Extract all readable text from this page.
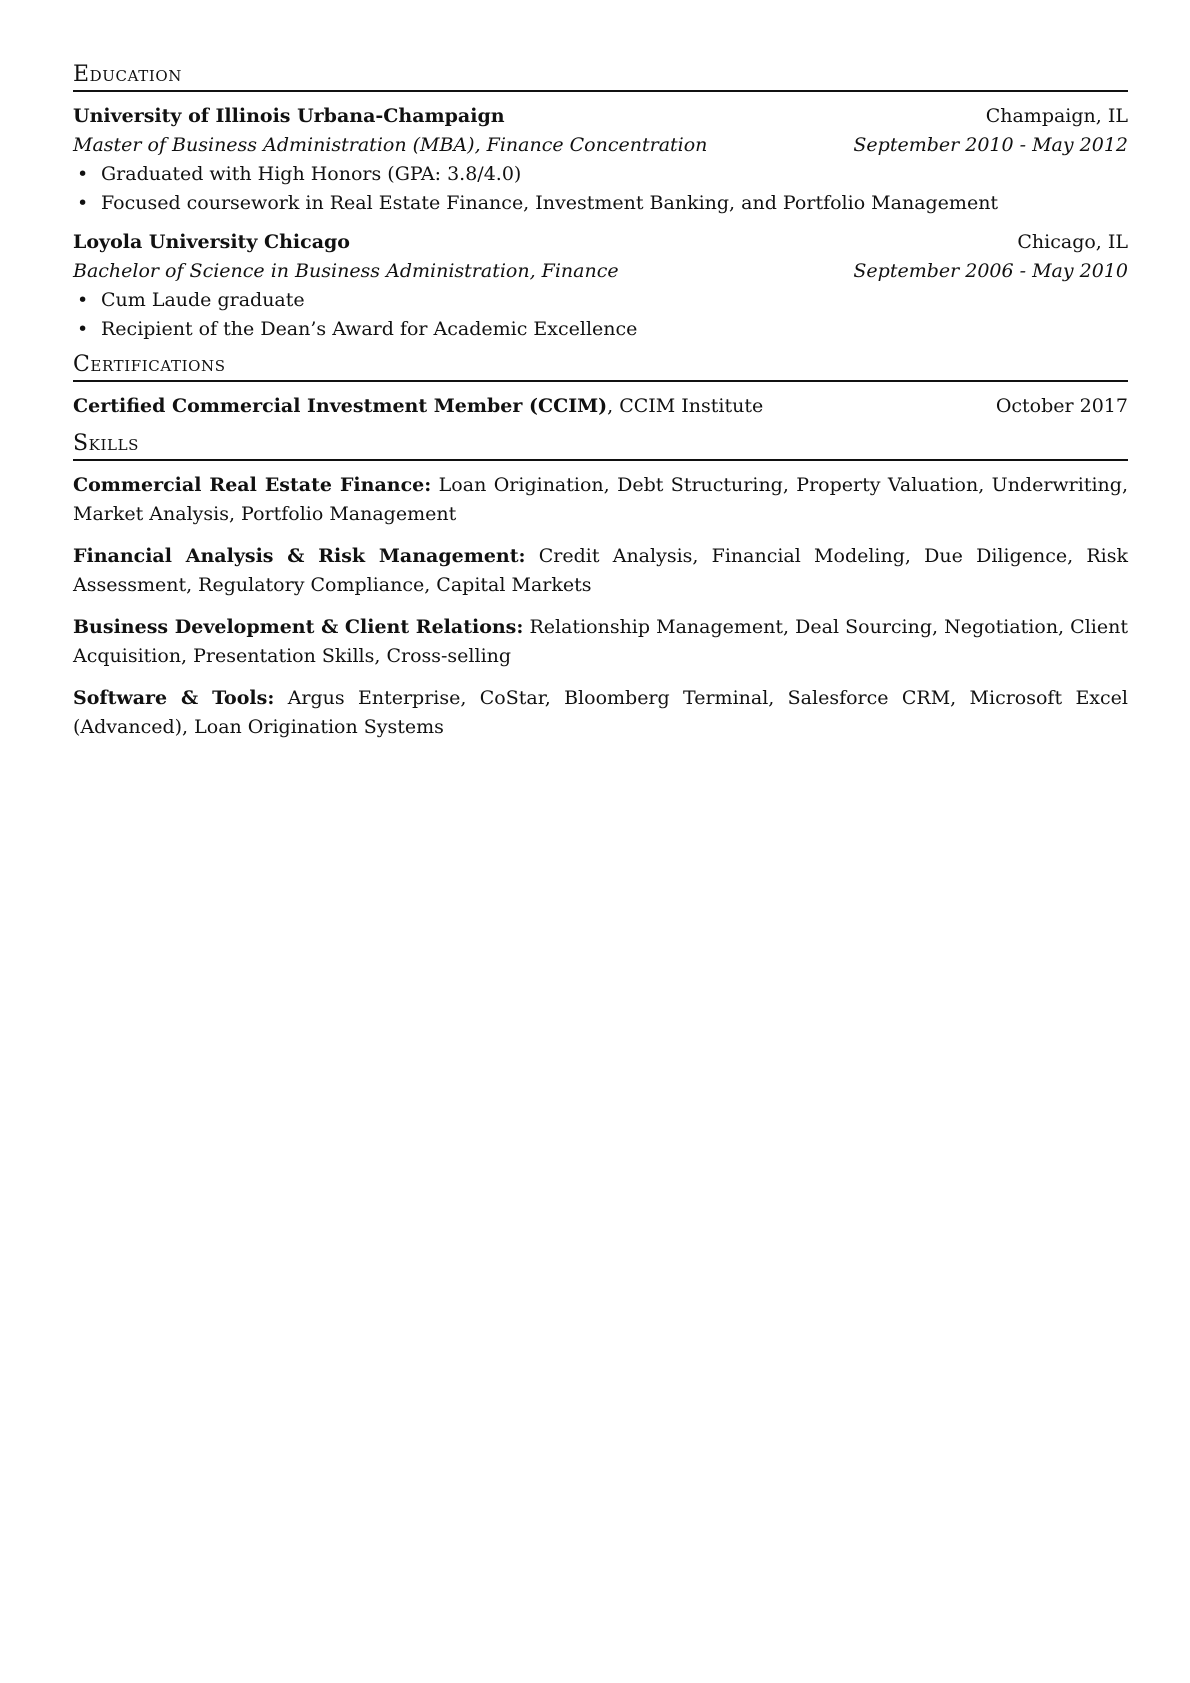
Education
University of Illinois Urbana-Champaign	Champaign, IL
Master of Business Administration (MBA), Finance Concentration	September 2010 - May 2012
• Graduated with High Honors (GPA: 3.8/4.0)
• Focused coursework in Real Estate Finance, Investment Banking, and Portfolio Management
Loyola University Chicago	Chicago, IL
Bachelor of Science in Business Administration, Finance	September 2006 - May 2010
• Cum Laude graduate
• Recipient of the Dean’s Award for Academic Excellence
Certifications
Certified Commercial Investment Member (CCIM), CCIM Institute	October 2017
Skills
Commercial Real Estate Finance: Loan Origination, Debt Structuring, Property Valuation, Underwriting, Market Analysis, Portfolio Management
Financial Analysis & Risk Management: Credit Analysis, Financial Modeling, Due Diligence, Risk Assessment, Regulatory Compliance, Capital Markets
Business Development & Client Relations: Relationship Management, Deal Sourcing, Negotiation, Client Acquisition, Presentation Skills, Cross-selling
Software & Tools: Argus Enterprise, CoStar, Bloomberg Terminal, Salesforce CRM, Microsoft Excel (Advanced), Loan Origination Systems
